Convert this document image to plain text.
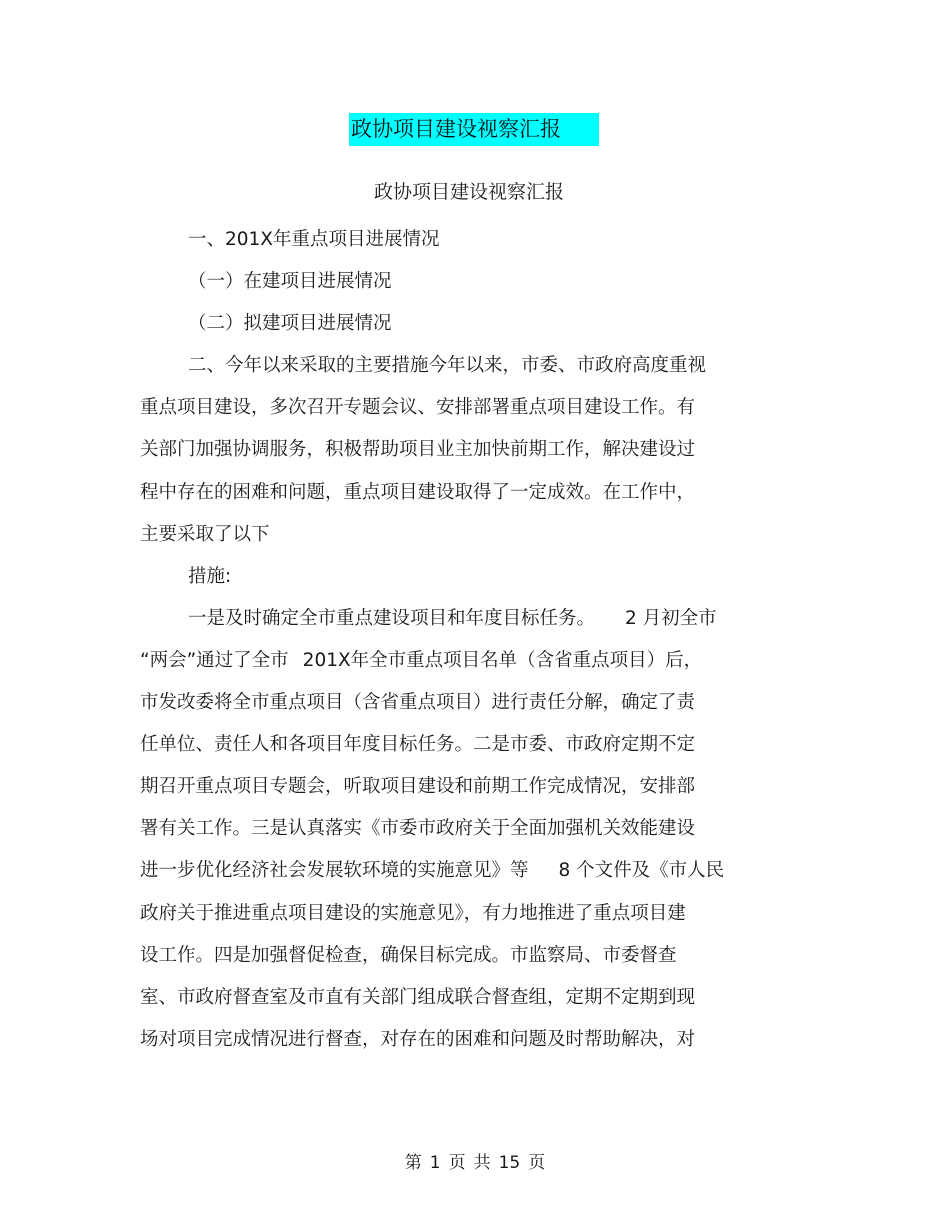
政协项目建设视察汇报
政协项目建设视察汇报
一、201X年重点项目进展情况
（一）在建项目进展情况
（二）拟建项目进展情况
二、今年以来采取的主要措施今年以来，市委、市政府高度重视
重点项目建设，多次召开专题会议、安排部署重点项目建设工作。有
关部门加强协调服务，积极帮助项目业主加快前期工作，解决建设过
程中存在的困难和问题，重点项目建设取得了一定成效。在工作中，
主要采取了以下
措施:
一是及时确定全市重点建设项目和年度目标任务。 2 月初全市
“两会”通过了全市 201X年全市重点项目名单（含省重点项目）后，
市发改委将全市重点项目（含省重点项目）进行责任分解，确定了责
任单位、责任人和各项目年度目标任务。二是市委、市政府定期不定
期召开重点项目专题会，听取项目建设和前期工作完成情况，安排部
署有关工作。三是认真落实《市委市政府关于全面加强机关效能建设
进一步优化经济社会发展软环境的实施意见》等 8 个文件及《市人民
政府关于推进重点项目建设的实施意见》，有力地推进了重点项目建
设工作。四是加强督促检查，确保目标完成。市监察局、市委督查
室、市政府督查室及市直有关部门组成联合督查组，定期不定期到现
场对项目完成情况进行督查，对存在的困难和问题及时帮助解决，对
第 1 页 共 15 页
